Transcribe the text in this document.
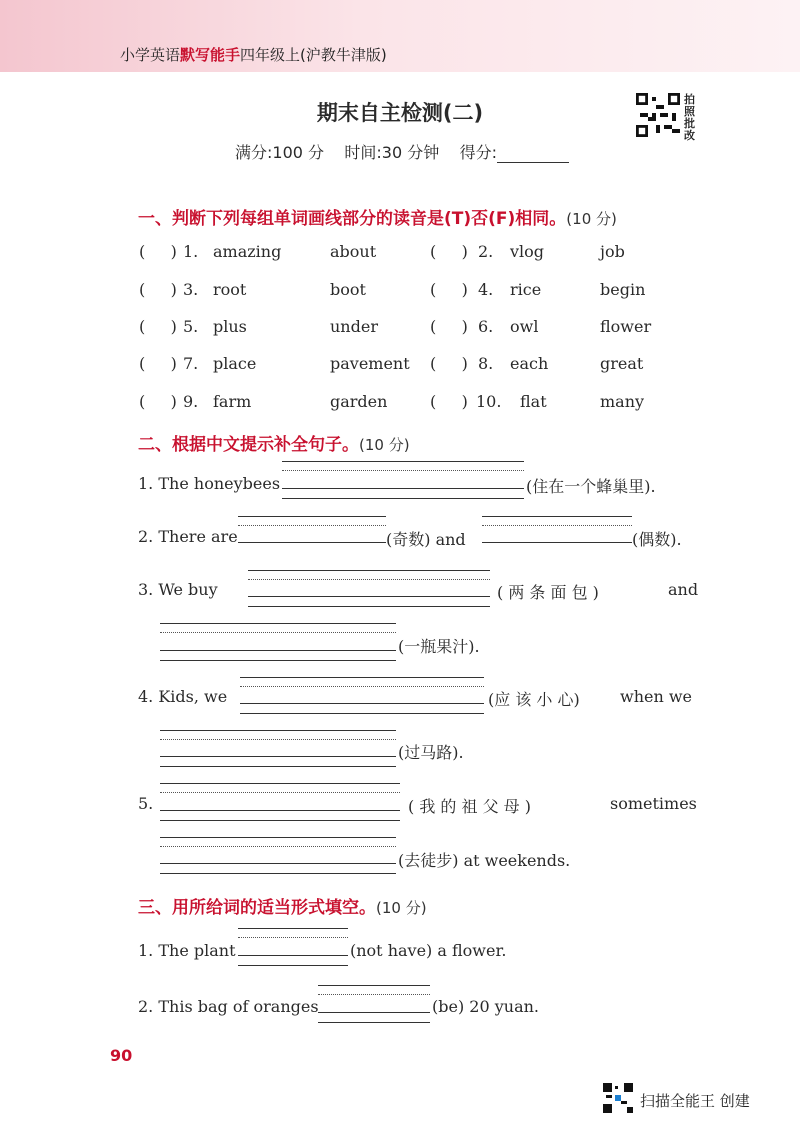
小学英语默写能手四年级上(沪教牛津版)
期末自主检测(二)
满分:100 分 时间:30 分钟 得分:
拍照批改
一、判断下列每组单词画线部分的读音是(T)否(F)相同。(10 分)
(     ) 1. amazing	about	(     ) 2. vlog	job
(     ) 3. root	boot	(     ) 4. rice	begin
(     ) 5. plus	under	(     ) 6. owl	flower
(     ) 7. place	pavement (     ) 8. each	great
(     ) 9. farm	garden	(     ) 10. flat	many
二、根据中文提示补全句子。(10 分)
1. The honeybees	(住在一个蜂巢里).
2. There are	(奇数) and	(偶数).
3. We buy	( 两 条 面 包 )	and
(一瓶果汁).
4. Kids, we	(应 该 小 心)	when we
(过马路).
5.	( 我 的 祖 父 母 )	sometimes
(去徒步) at weekends.
三、用所给词的适当形式填空。(10 分)
1. The plant	(not have) a flower.
2. This bag of oranges	(be) 20 yuan.
90
扫描全能王 创建
